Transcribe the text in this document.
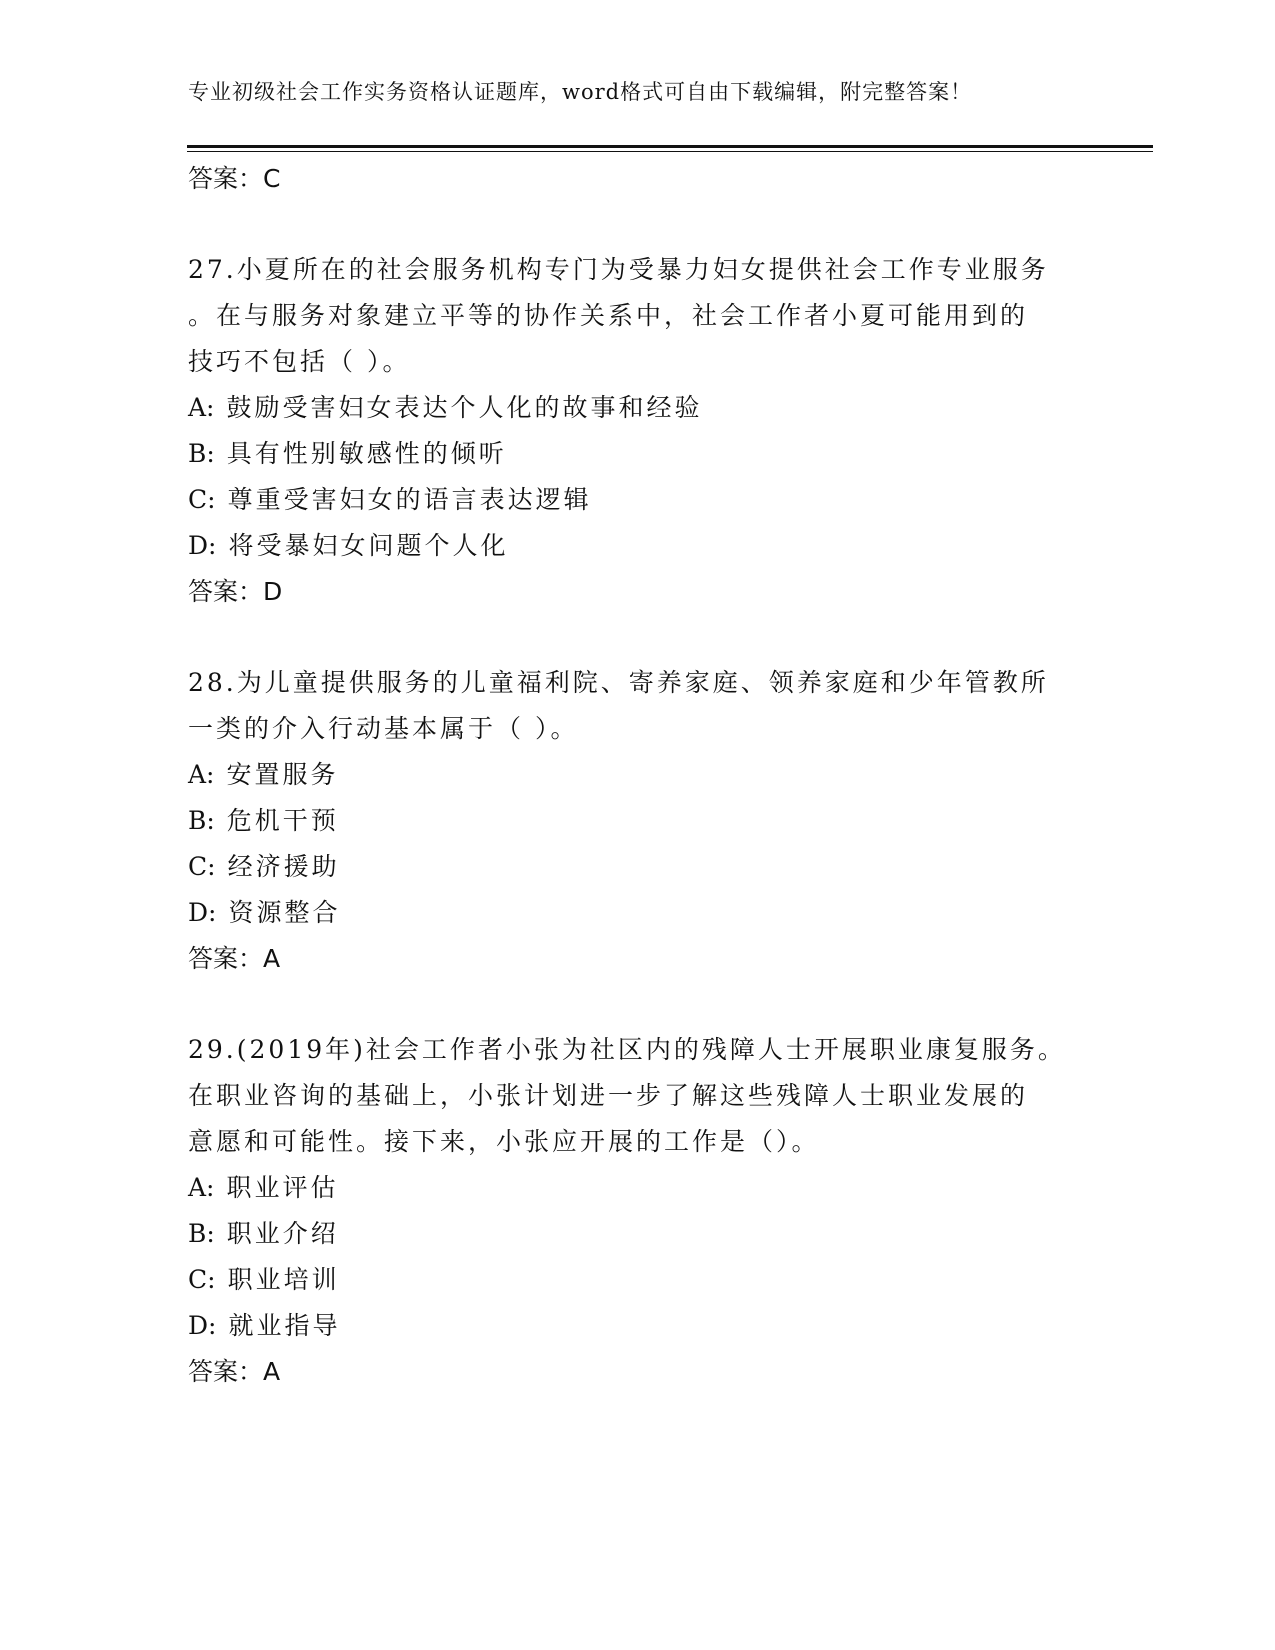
专业初级社会工作实务资格认证题库，word格式可自由下载编辑，附完整答案！
答案：C
27.小夏所在的社会服务机构专门为受暴力妇女提供社会工作专业服务
。在与服务对象建立平等的协作关系中，社会工作者小夏可能用到的
技巧不包括（ ）。
A: 鼓励受害妇女表达个人化的故事和经验
B: 具有性别敏感性的倾听
C: 尊重受害妇女的语言表达逻辑
D: 将受暴妇女问题个人化
答案：D
28.为儿童提供服务的儿童福利院、寄养家庭、领养家庭和少年管教所
一类的介入行动基本属于（ ）。
A: 安置服务
B: 危机干预
C: 经济援助
D: 资源整合
答案：A
29.(2019年)社会工作者小张为社区内的残障人士开展职业康复服务。
在职业咨询的基础上，小张计划进一步了解这些残障人士职业发展的
意愿和可能性。接下来，小张应开展的工作是（）。
A: 职业评估
B: 职业介绍
C: 职业培训
D: 就业指导
答案：A
